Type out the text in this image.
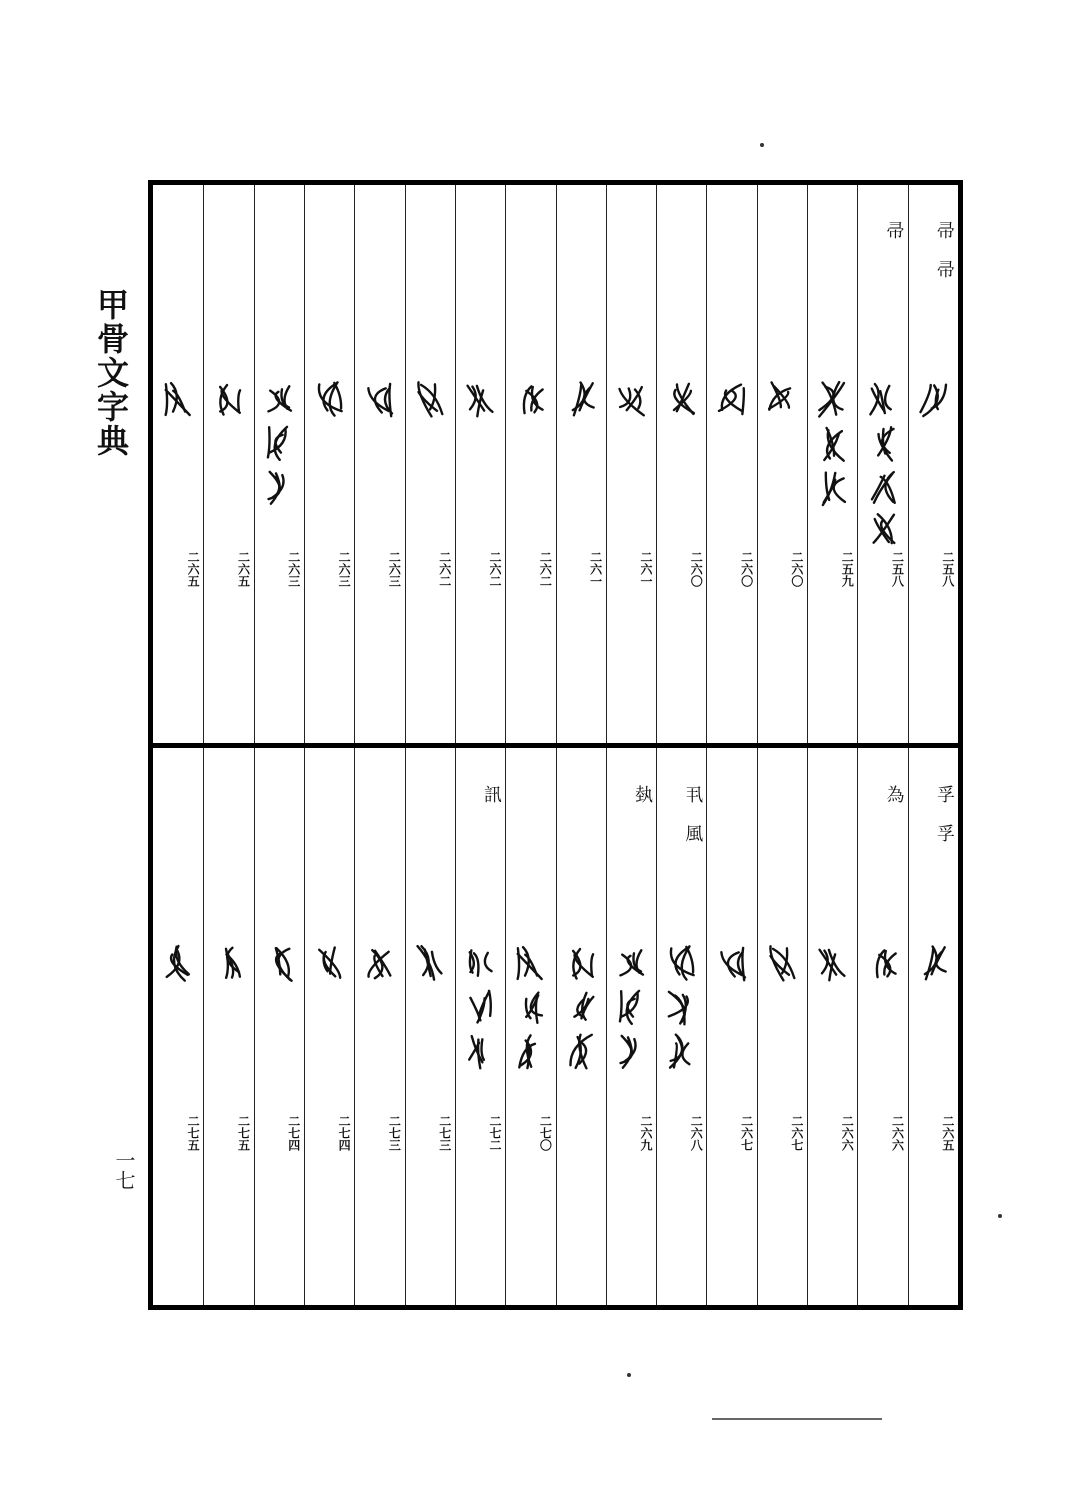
甲骨文字典
一七
帚 帚
二五八
帚
二五八
二五九
二六〇
二六〇
二六〇
二六一
二六一
二六二
二六二
二六二
二六三
二六三
二六三
二六五
二六五
孚 孚
二六五
為
二六六
二六六
二六七
二六七
丮 風
二六八
埶
二六九
二七〇
訊
二七二
二七三
二七三
二七四
二七四
二七五
二七五
